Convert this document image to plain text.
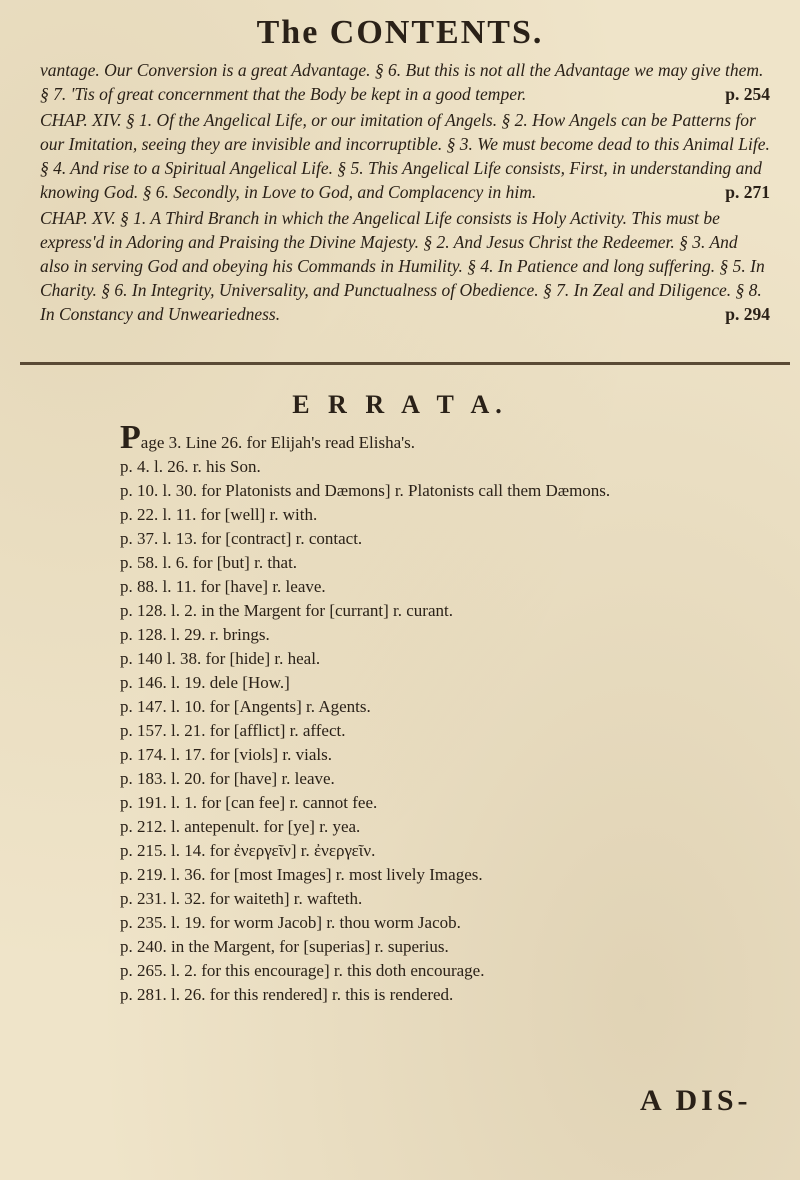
The CONTENTS.

vantage. Our Conversion is a great Advantage. § 6. But this is not all the Advantage we may give them. § 7. 'Tis of great concernment that the Body be kept in a good temper.	p. 254

CHAP. XIV. § 1. Of the Angelical Life, or our imitation of Angels. § 2. How Angels can be Patterns for our Imitation, seeing they are invisible and incorruptible. § 3. We must become dead to this Animal Life. § 4. And rise to a Spiritual Angelical Life. § 5. This Angelical Life consists, First, in understanding and knowing God. § 6. Secondly, in Love to God, and Complacency in him.	p. 271

CHAP. XV. § 1. A Third Branch in which the Angelical Life consists is Holy Activity. This must be express'd in Adoring and Praising the Divine Majesty. § 2. And Jesus Christ the Redeemer. § 3. And also in serving God and obeying his Commands in Humility. § 4. In Patience and long suffering. § 5. In Charity. § 6. In Integrity, Universality, and Punctualness of Obedience. § 7. In Zeal and Diligence. § 8. In Constancy and Unweariedness.	p. 294

E R R A T A.

Page 3. Line 26. for Elijah's read Elisha's.

p. 4. l. 26. r. his Son.

p. 10. l. 30. for Platonists and Dæmons] r. Platonists call them Dæmons.

p. 22. l. 11. for [well] r. with.

p. 37. l. 13. for [contract] r. contact.

p. 58. l. 6. for [but] r. that.

p. 88. l. 11. for [have] r. leave.

p. 128. l. 2. in the Margent for [currant] r. curant.

p. 128. l. 29. r. brings.

p. 140 l. 38. for [hide] r. heal.

p. 146. l. 19. dele [How.]

p. 147. l. 10. for [Angents] r. Agents.

p. 157. l. 21. for [afflict] r. affect.

p. 174. l. 17. for [viols] r. vials.

p. 183. l. 20. for [have] r. leave.

p. 191. l. 1. for [can fee] r. cannot fee.

p. 212. l. antepenult. for [ye] r. yea.

p. 215. l. 14. for ἐνεργεῖν] r. ἐνεργεῖν.

p. 219. l. 36. for [most Images] r. most lively Images.

p. 231. l. 32. for waiteth] r. wafteth.

p. 235. l. 19. for worm Jacob] r. thou worm Jacob.

p. 240. in the Margent, for [superias] r. superius.

p. 265. l. 2. for this encourage] r. this doth encourage.

p. 281. l. 26. for this rendered] r. this is rendered.

A DIS-
